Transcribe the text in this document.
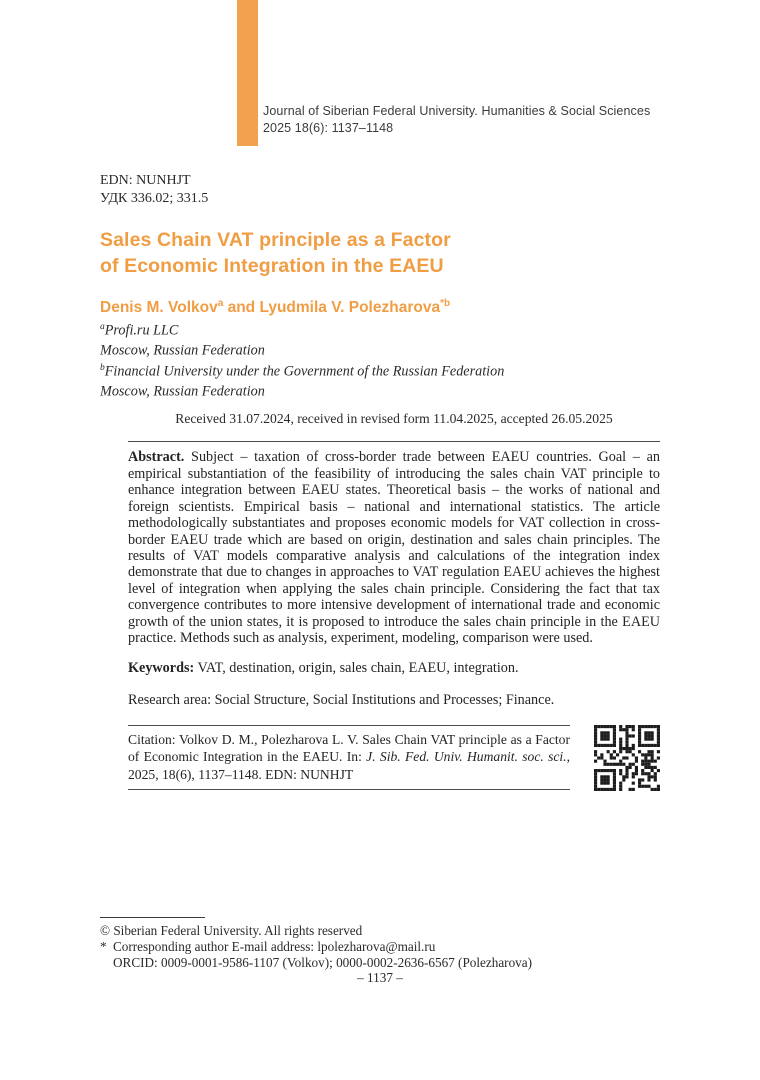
Journal of Siberian Federal University. Humanities & Social Sciences
2025 18(6): 1137–1148
EDN: NUNHJT
УДК 336.02; 331.5
Sales Chain VAT principle as a Factor
of Economic Integration in the EAEU
Denis M. Volkov$^a$ and Lyudmila V. Polezharova$^{*b}$
$^a$Profi.ru LLC
Moscow, Russian Federation
$^b$Financial University under the Government of the Russian Federation
Moscow, Russian Federation
Received 31.07.2024, received in revised form 11.04.2025, accepted 26.05.2025
Abstract. Subject – taxation of cross-border trade between EAEU countries. Goal – an empirical substantiation of the feasibility of introducing the sales chain VAT principle to enhance integration between EAEU states. Theoretical basis – the works of national and foreign scientists. Empirical basis – national and international statistics. The article methodologically substantiates and proposes economic models for VAT collection in cross-border EAEU trade which are based on origin, destination and sales chain principles. The results of VAT models comparative analysis and calculations of the integration index demonstrate that due to changes in approaches to VAT regulation EAEU achieves the highest level of integration when applying the sales chain principle. Considering the fact that tax convergence contributes to more intensive development of international trade and economic growth of the union states, it is proposed to introduce the sales chain principle in the EAEU practice. Methods such as analysis, experiment, modeling, comparison were used.
Keywords: VAT, destination, origin, sales chain, EAEU, integration.
Research area: Social Structure, Social Institutions and Processes; Finance.
Citation: Volkov D. M., Polezharova L. V. Sales Chain VAT principle as a Factor of Economic Integration in the EAEU. In: J. Sib. Fed. Univ. Humanit. soc. sci., 2025, 18(6), 1137–1148. EDN: NUNHJT
© Siberian Federal University. All rights reserved
* Corresponding author E-mail address: lpolezharova@mail.ru
ORCID: 0009-0001-9586-1107 (Volkov); 0000-0002-2636-6567 (Polezharova)
– 1137 –
